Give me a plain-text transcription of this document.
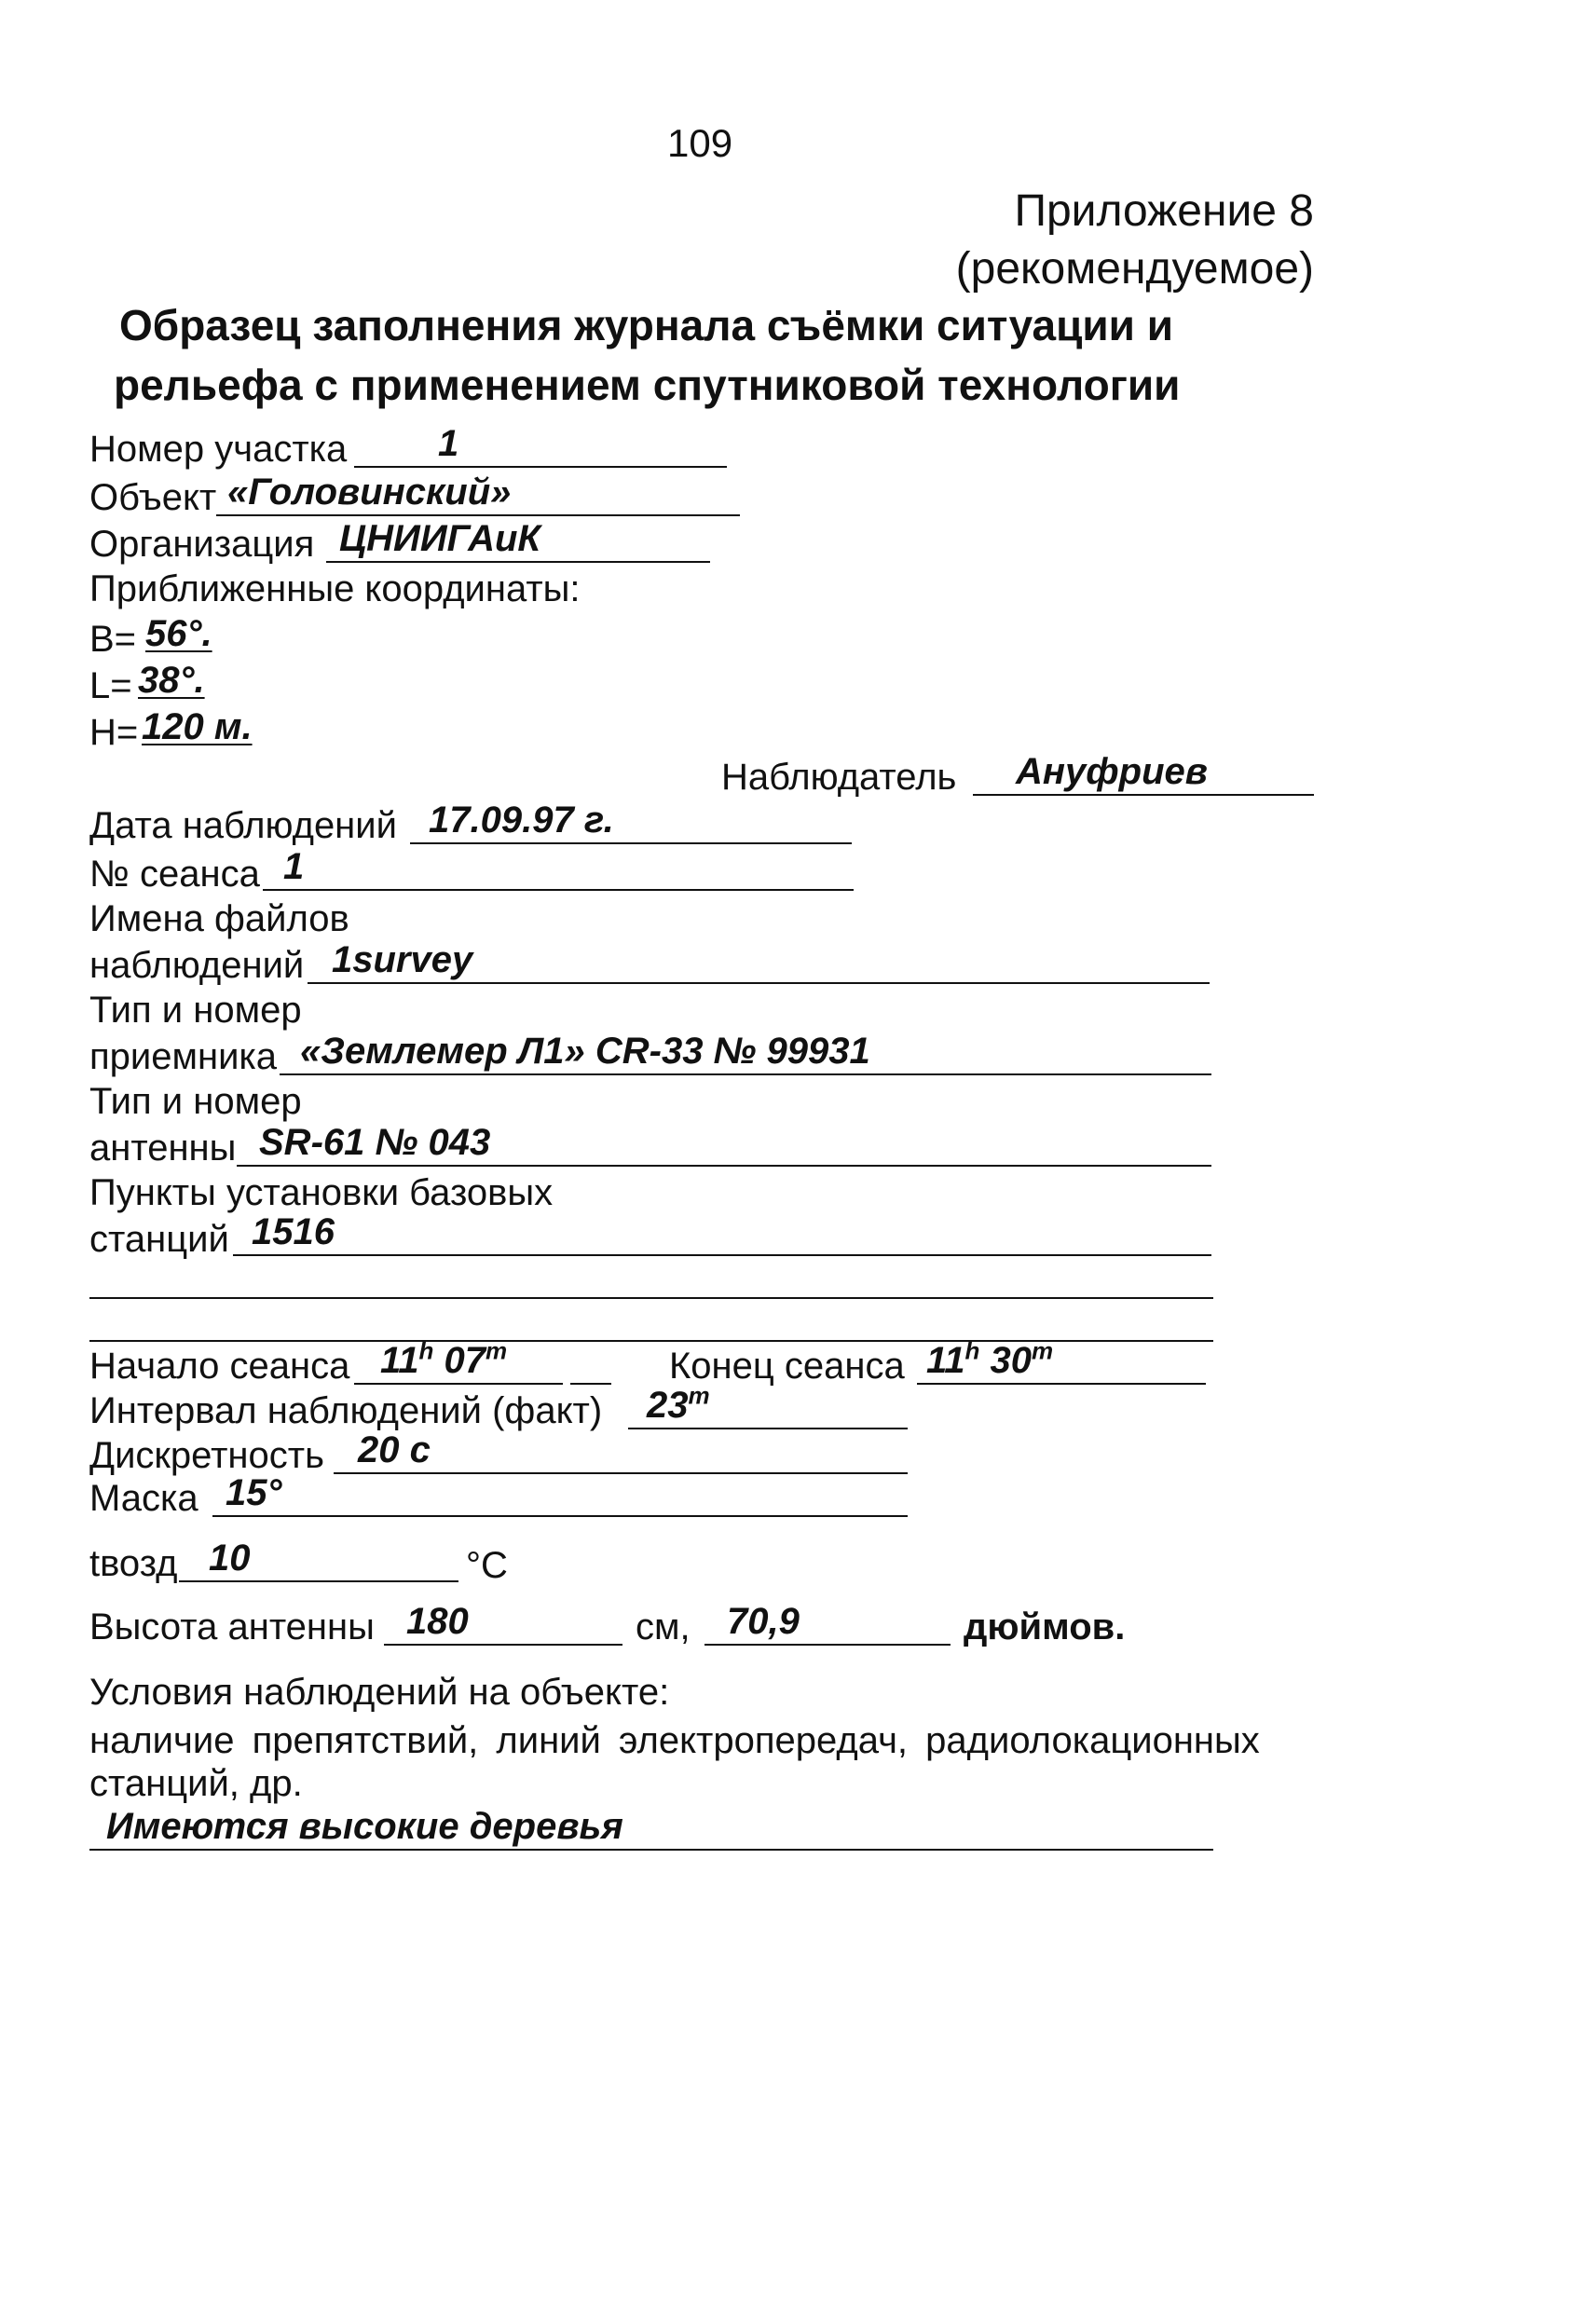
109
Приложение 8
(рекомендуемое)
Образец заполнения журнала съёмки ситуации и
рельефа с применением спутниковой технологии
Номер участка 1
Объект «Головинский»
Организация ЦНИИГАиК
Приближенные координаты:
B= 56°.
L= 38°.
H= 120 м.
Наблюдатель Ануфриев
Дата наблюдений 17.09.97 г.
№ сеанса 1
Имена файлов
наблюдений 1survey
Тип и номер
приемника «Землемер Л1» CR-33 № 99931
Тип и номер
антенны SR-61 № 043
Пункты установки базовых
станций 1516
Начало сеанса 11$^h$ 07$^m$	Конец сеанса 11$^h$ 30$^m$
Интервал наблюдений (факт) 23$^m$
Дискретность 20 с
Маска 15°
tвозд 10	°С
Высота антенны 180	см, 70,9	дюймов.
Условия наблюдений на объекте:
наличие препятствий, линий электропередач, радиолокационных
станций, др.
Имеются высокие деревья
